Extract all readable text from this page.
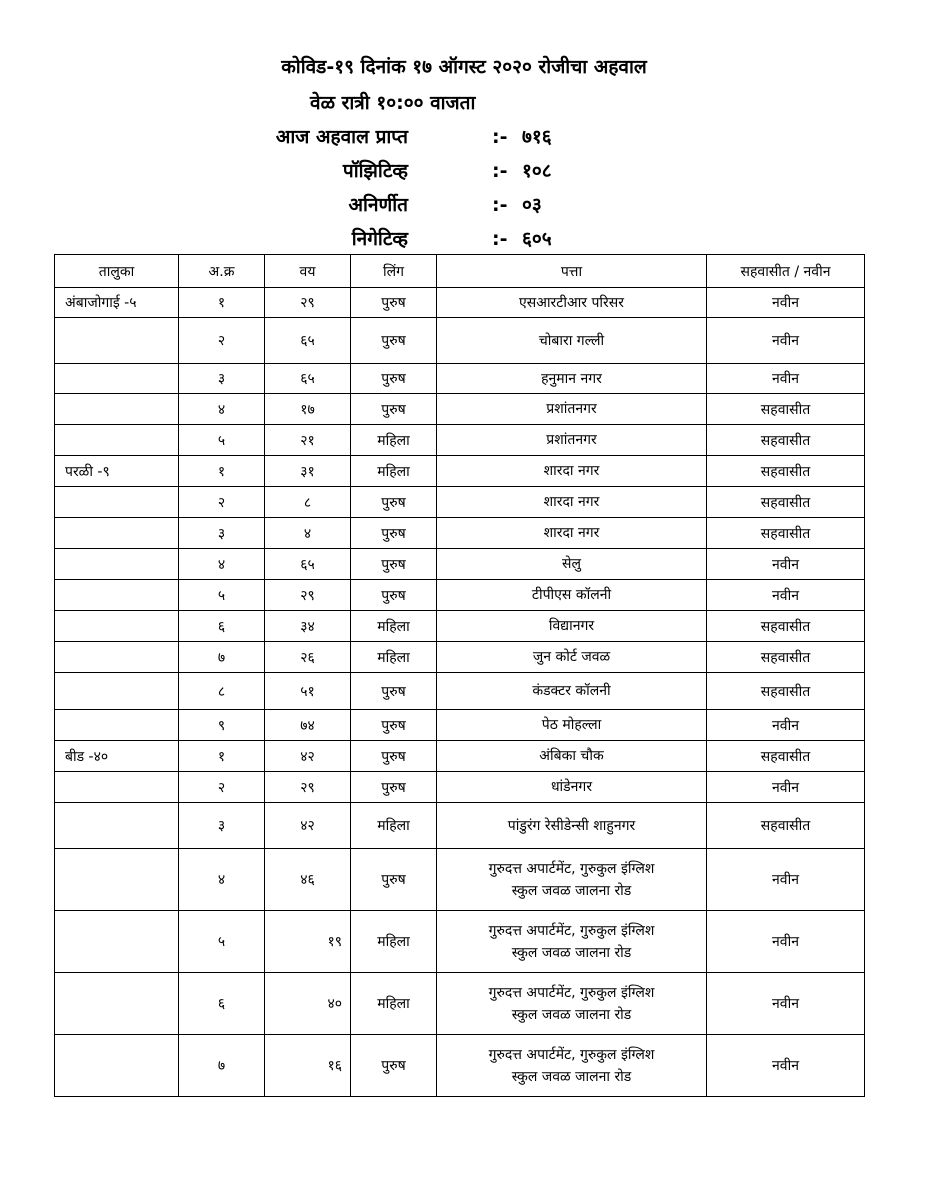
कोविड-१९ दिनांक १७ ऑगस्ट २०२० रोजीचा अहवाल
वेळ रात्री १०:०० वाजता
आज अहवाल प्राप्त	:- ७१६
पॉझिटिव्ह	:- १०८
अनिर्णीत	:- ०३
निगेटिव्ह	:- ६०५
तालुका	अ.क्र	वय	लिंग	पत्ता	सहवासीत / नवीन
अंबाजोगाई -५	१	२९	पुरुष	एसआरटीआर परिसर	नवीन
	२	६५	पुरुष	चोबारा गल्ली	नवीन
	३	६५	पुरुष	हनुमान नगर	नवीन
	४	१७	पुरुष	प्रशांतनगर	सहवासीत
	५	२१	महिला	प्रशांतनगर	सहवासीत
परळी -९	१	३१	महिला	शारदा नगर	सहवासीत
	२	८	पुरुष	शारदा नगर	सहवासीत
	३	४	पुरुष	शारदा नगर	सहवासीत
	४	६५	पुरुष	सेलु	नवीन
	५	२९	पुरुष	टीपीएस कॉलनी	नवीन
	६	३४	महिला	विद्यानगर	सहवासीत
	७	२६	महिला	जुन कोर्ट जवळ	सहवासीत
	८	५१	पुरुष	कंडक्टर कॉलनी	सहवासीत
	९	७४	पुरुष	पेठ मोहल्ला	नवीन
बीड -४०	१	४२	पुरुष	अंबिका चौक	सहवासीत
	२	२९	पुरुष	धांडेनगर	नवीन
	३	४२	महिला	पांडुरंग रेसीडेन्सी शाहुनगर	सहवासीत
	४	४६	पुरुष	गुरुदत्त अपार्टमेंट, गुरुकुल इंग्लिश
स्कुल जवळ जालना रोड	नवीन
	५	१९	महिला	गुरुदत्त अपार्टमेंट, गुरुकुल इंग्लिश
स्कुल जवळ जालना रोड	नवीन
	६	४०	महिला	गुरुदत्त अपार्टमेंट, गुरुकुल इंग्लिश
स्कुल जवळ जालना रोड	नवीन
	७	१६	पुरुष	गुरुदत्त अपार्टमेंट, गुरुकुल इंग्लिश
स्कुल जवळ जालना रोड	नवीन
